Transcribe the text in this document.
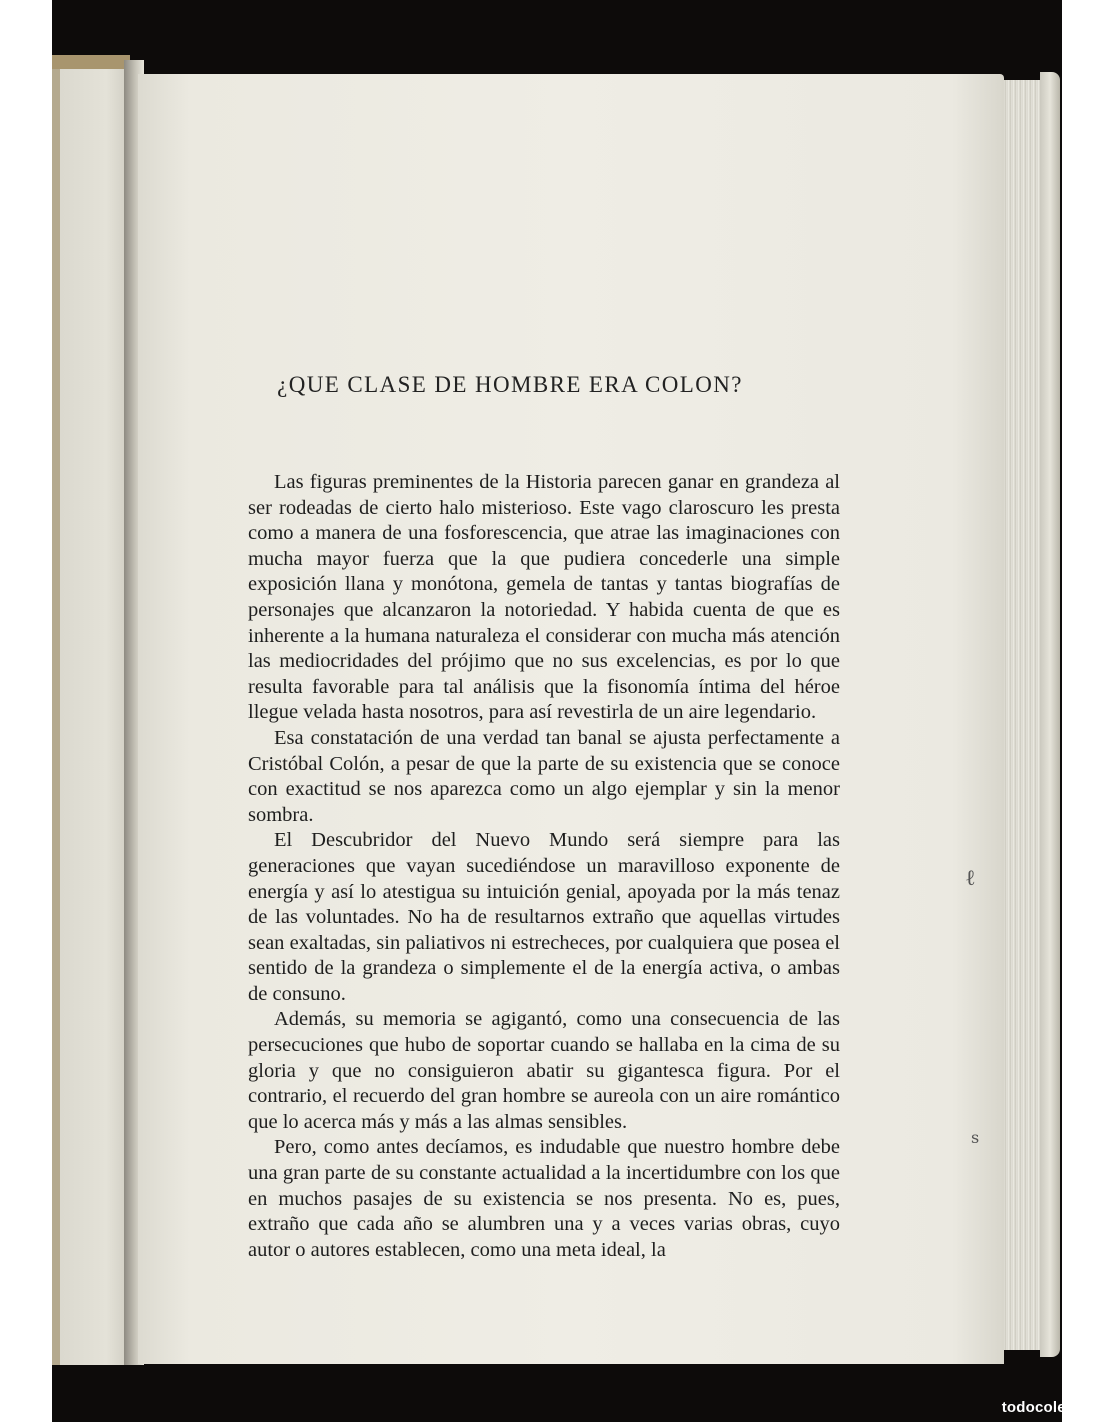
ℓ
s
¿QUE CLASE DE HOMBRE ERA COLON?

Las figuras preminentes de la Historia parecen ganar en grandeza al ser rodeadas de cierto halo misterioso. Este vago claroscuro les presta como a manera de una fosforescencia, que atrae las imaginaciones con mucha mayor fuerza que la que pudiera concederle una simple exposición llana y monótona, gemela de tantas y tantas biografías de personajes que alcanzaron la notoriedad. Y habida cuenta de que es inherente a la humana naturaleza el considerar con mucha más atención las mediocridades del prójimo que no sus excelencias, es por lo que resulta favorable para tal análisis que la fisonomía íntima del héroe llegue velada hasta nosotros, para así revestirla de un aire legendario.

Esa constatación de una verdad tan banal se ajusta perfectamente a Cristóbal Colón, a pesar de que la parte de su existencia que se conoce con exactitud se nos aparezca como un algo ejemplar y sin la menor sombra.

El Descubridor del Nuevo Mundo será siempre para las generaciones que vayan sucediéndose un maravilloso exponente de energía y así lo atestigua su intuición genial, apoyada por la más tenaz de las voluntades. No ha de resultarnos extraño que aquellas virtudes sean exaltadas, sin paliativos ni estrecheces, por cualquiera que posea el sentido de la grandeza o simplemente el de la energía activa, o ambas de consuno.

Además, su memoria se agigantó, como una consecuencia de las persecuciones que hubo de soportar cuando se hallaba en la cima de su gloria y que no consiguieron abatir su gigantesca figura. Por el contrario, el recuerdo del gran hombre se aureola con un aire romántico que lo acerca más y más a las almas sensibles.

Pero, como antes decíamos, es indudable que nuestro hombre debe una gran parte de su constante actualidad a la incertidumbre con los que en muchos pasajes de su existencia se nos presenta. No es, pues, extraño que cada año se alumbren una y a veces varias obras, cuyo autor o autores establecen, como una meta ideal, la

todocoleccion
